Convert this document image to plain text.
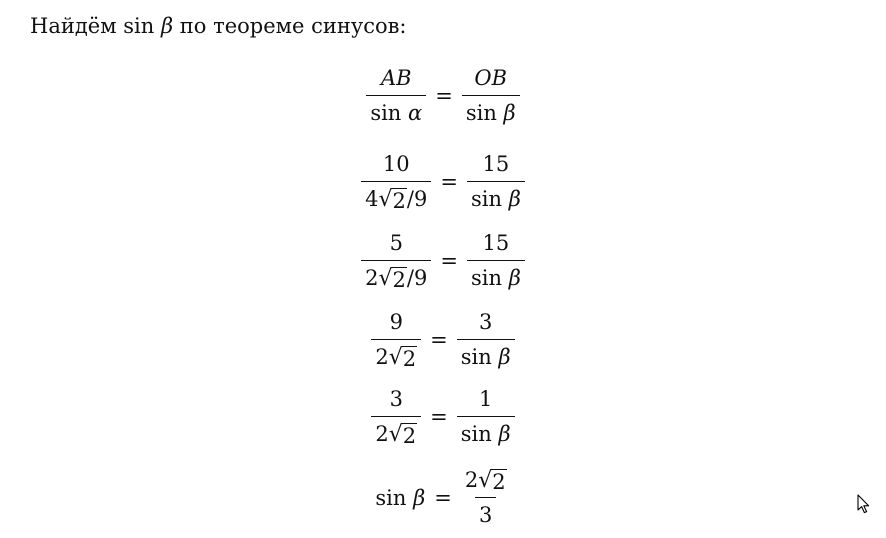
Найдём sin β по теореме синусов:
$\frac{AB}{\text{sin α}} = \frac{OB}{\text{sin β}}$
$\frac{10}{4 √ 2 /9} = \frac{15}{\text{sin β}}$
$\frac{5}{2 √ 2 /9} = \frac{15}{\text{sin β}}$
$\frac{9}{2 √ 2} = \frac{3}{\text{sin β}}$
$\frac{3}{2 √ 2} = \frac{1}{\text{sin β}}$
$\sin \beta = \frac{2 √ 2}{3}$
